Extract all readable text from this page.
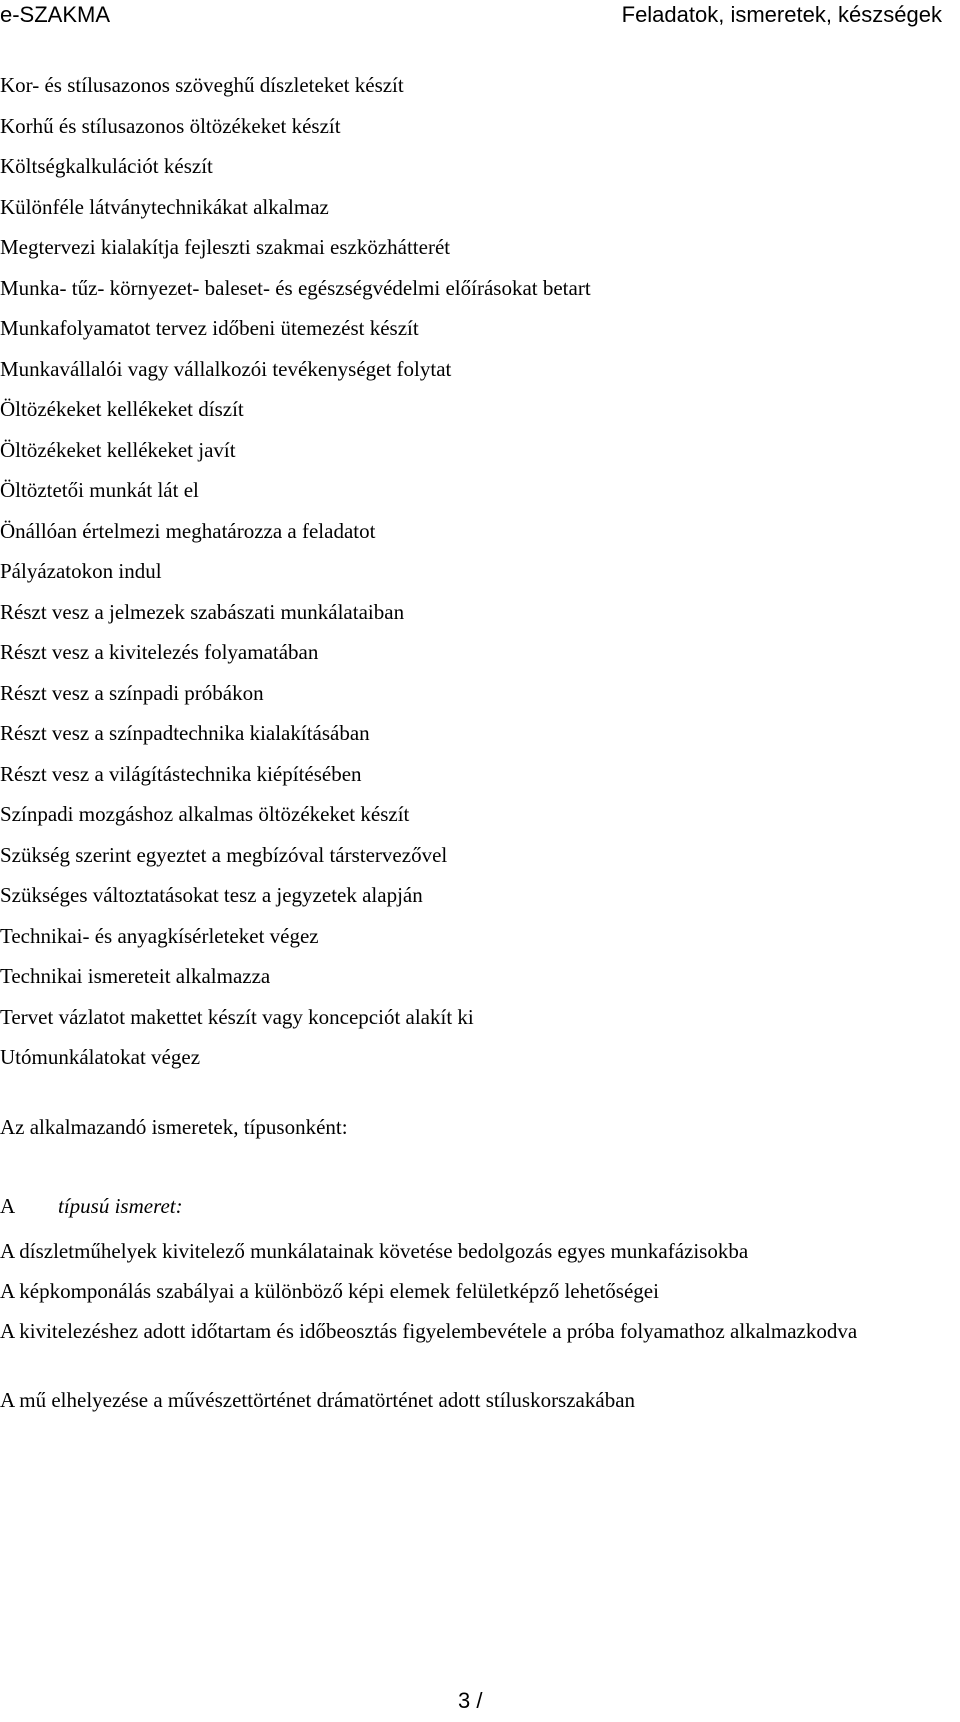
e-SZAKMA	Feladatok, ismeretek, készségek
Kor- és stílusazonos szöveghű díszleteket készít
Korhű és stílusazonos öltözékeket készít
Költségkalkulációt készít
Különféle látványtechnikákat alkalmaz
Megtervezi kialakítja fejleszti szakmai eszközhátterét
Munka- tűz- környezet- baleset- és egészségvédelmi előírásokat betart
Munkafolyamatot tervez időbeni ütemezést készít
Munkavállalói vagy vállalkozói tevékenységet folytat
Öltözékeket kellékeket díszít
Öltözékeket kellékeket javít
Öltöztetői munkát lát el
Önállóan értelmezi meghatározza a feladatot
Pályázatokon indul
Részt vesz a jelmezek szabászati munkálataiban
Részt vesz a kivitelezés folyamatában
Részt vesz a színpadi próbákon
Részt vesz a színpadtechnika kialakításában
Részt vesz a világítástechnika kiépítésében
Színpadi mozgáshoz alkalmas öltözékeket készít
Szükség szerint egyeztet a megbízóval társtervezővel
Szükséges változtatásokat tesz a jegyzetek alapján
Technikai- és anyagkísérleteket végez
Technikai ismereteit alkalmazza
Tervet vázlatot makettet készít vagy koncepciót alakít ki
Utómunkálatokat végez
Az alkalmazandó ismeretek, típusonként:
A típusú ismeret:
A díszletműhelyek kivitelező munkálatainak követése bedolgozás egyes munkafázisokba
A képkomponálás szabályai a különböző képi elemek felületképző lehetőségei
A kivitelezéshez adott időtartam és időbeosztás figyelembevétele a próba folyamathoz alkalmazkodva
A mű elhelyezése a művészettörténet drámatörténet adott stíluskorszakában
3 /
